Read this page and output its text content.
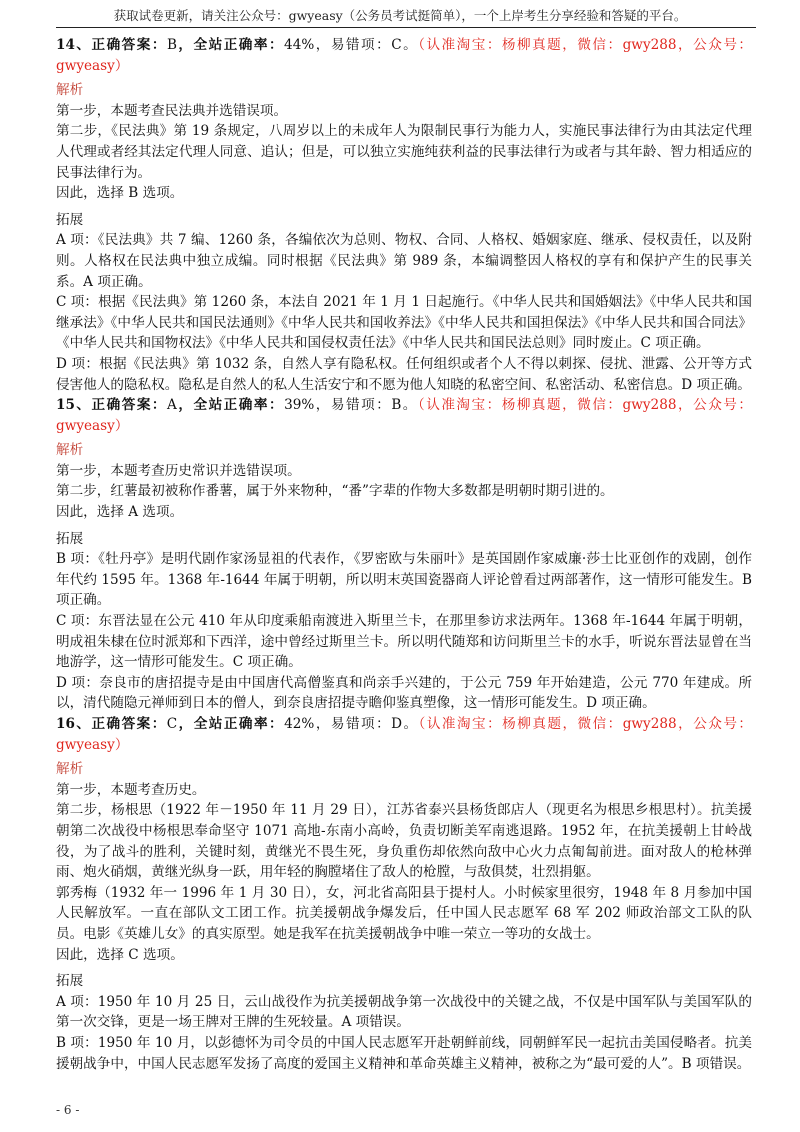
获取试卷更新，请关注公众号：gwyeasy（公务员考试挺简单），一个上岸考生分享经验和答疑的平台。

14、正确答案：B，全站正确率：44%，易错项：C。（认准淘宝：杨柳真题，微信：gwy288，公众号：gwyeasy）

解析

第一步，本题考查民法典并选错误项。

第二步，《民法典》第 19 条规定，八周岁以上的未成年人为限制民事行为能力人，实施民事法律行为由其法定代理人代理或者经其法定代理人同意、追认；但是，可以独立实施纯获利益的民事法律行为或者与其年龄、智力相适应的民事法律行为。

因此，选择 B 选项。

拓展

A 项：《民法典》共 7 编、1260 条，各编依次为总则、物权、合同、人格权、婚姻家庭、继承、侵权责任，以及附则。人格权在民法典中独立成编。同时根据《民法典》第 989 条，本编调整因人格权的享有和保护产生的民事关系。A 项正确。

C 项：根据《民法典》第 1260 条，本法自 2021 年 1 月 1 日起施行。《中华人民共和国婚姻法》《中华人民共和国继承法》《中华人民共和国民法通则》《中华人民共和国收养法》《中华人民共和国担保法》《中华人民共和国合同法》《中华人民共和国物权法》《中华人民共和国侵权责任法》《中华人民共和国民法总则》同时废止。C 项正确。

D 项：根据《民法典》第 1032 条，自然人享有隐私权。任何组织或者个人不得以刺探、侵扰、泄露、公开等方式侵害他人的隐私权。隐私是自然人的私人生活安宁和不愿为他人知晓的私密空间、私密活动、私密信息。D 项正确。

15、正确答案：A，全站正确率：39%，易错项：B。（认准淘宝：杨柳真题，微信：gwy288，公众号：gwyeasy）

解析

第一步，本题考查历史常识并选错误项。

第二步，红薯最初被称作番薯，属于外来物种，“番”字辈的作物大多数都是明朝时期引进的。

因此，选择 A 选项。

拓展

B 项：《牡丹亭》是明代剧作家汤显祖的代表作，《罗密欧与朱丽叶》是英国剧作家威廉·莎士比亚创作的戏剧，创作年代约 1595 年。1368 年-1644 年属于明朝，所以明末英国瓷器商人评论曾看过两部著作，这一情形可能发生。B 项正确。

C 项：东晋法显在公元 410 年从印度乘船南渡进入斯里兰卡，在那里参访求法两年。1368 年-1644 年属于明朝，明成祖朱棣在位时派郑和下西洋，途中曾经过斯里兰卡。所以明代随郑和访问斯里兰卡的水手，听说东晋法显曾在当地游学，这一情形可能发生。C 项正确。

D 项：奈良市的唐招提寺是由中国唐代高僧鉴真和尚亲手兴建的，于公元 759 年开始建造，公元 770 年建成。所以，清代随隐元禅师到日本的僧人，到奈良唐招提寺瞻仰鉴真塑像，这一情形可能发生。D 项正确。

16、正确答案：C，全站正确率：42%，易错项：D。（认准淘宝：杨柳真题，微信：gwy288，公众号：gwyeasy）

解析

第一步，本题考查历史。

第二步，杨根思（1922 年－1950 年 11 月 29 日），江苏省泰兴县杨货郎店人（现更名为根思乡根思村）。抗美援朝第二次战役中杨根思奉命坚守 1071 高地-东南小高岭，负责切断美军南逃退路。1952 年，在抗美援朝上甘岭战役，为了战斗的胜利，关键时刻，黄继光不畏生死，身负重伤却依然向敌中心火力点匍匐前进。面对敌人的枪林弹雨、炮火硝烟，黄继光纵身一跃，用年轻的胸膛堵住了敌人的枪膛，与敌俱焚，壮烈捐躯。

郭秀梅（1932 年一 1996 年 1 月 30 日），女，河北省高阳县于提村人。小时候家里很穷，1948 年 8 月参加中国人民解放军。一直在部队文工团工作。抗美援朝战争爆发后，任中国人民志愿军 68 军 202 师政治部文工队的队员。电影《英雄儿女》的真实原型。她是我军在抗美援朝战争中唯一荣立一等功的女战士。

因此，选择 C 选项。

拓展

A 项：1950 年 10 月 25 日，云山战役作为抗美援朝战争第一次战役中的关键之战，不仅是中国军队与美国军队的第一次交锋，更是一场王牌对王牌的生死较量。A 项错误。

B 项：1950 年 10 月，以彭德怀为司令员的中国人民志愿军开赴朝鲜前线，同朝鲜军民一起抗击美国侵略者。抗美援朝战争中，中国人民志愿军发扬了高度的爱国主义精神和革命英雄主义精神，被称之为“最可爱的人”。B 项错误。

- 6 -
